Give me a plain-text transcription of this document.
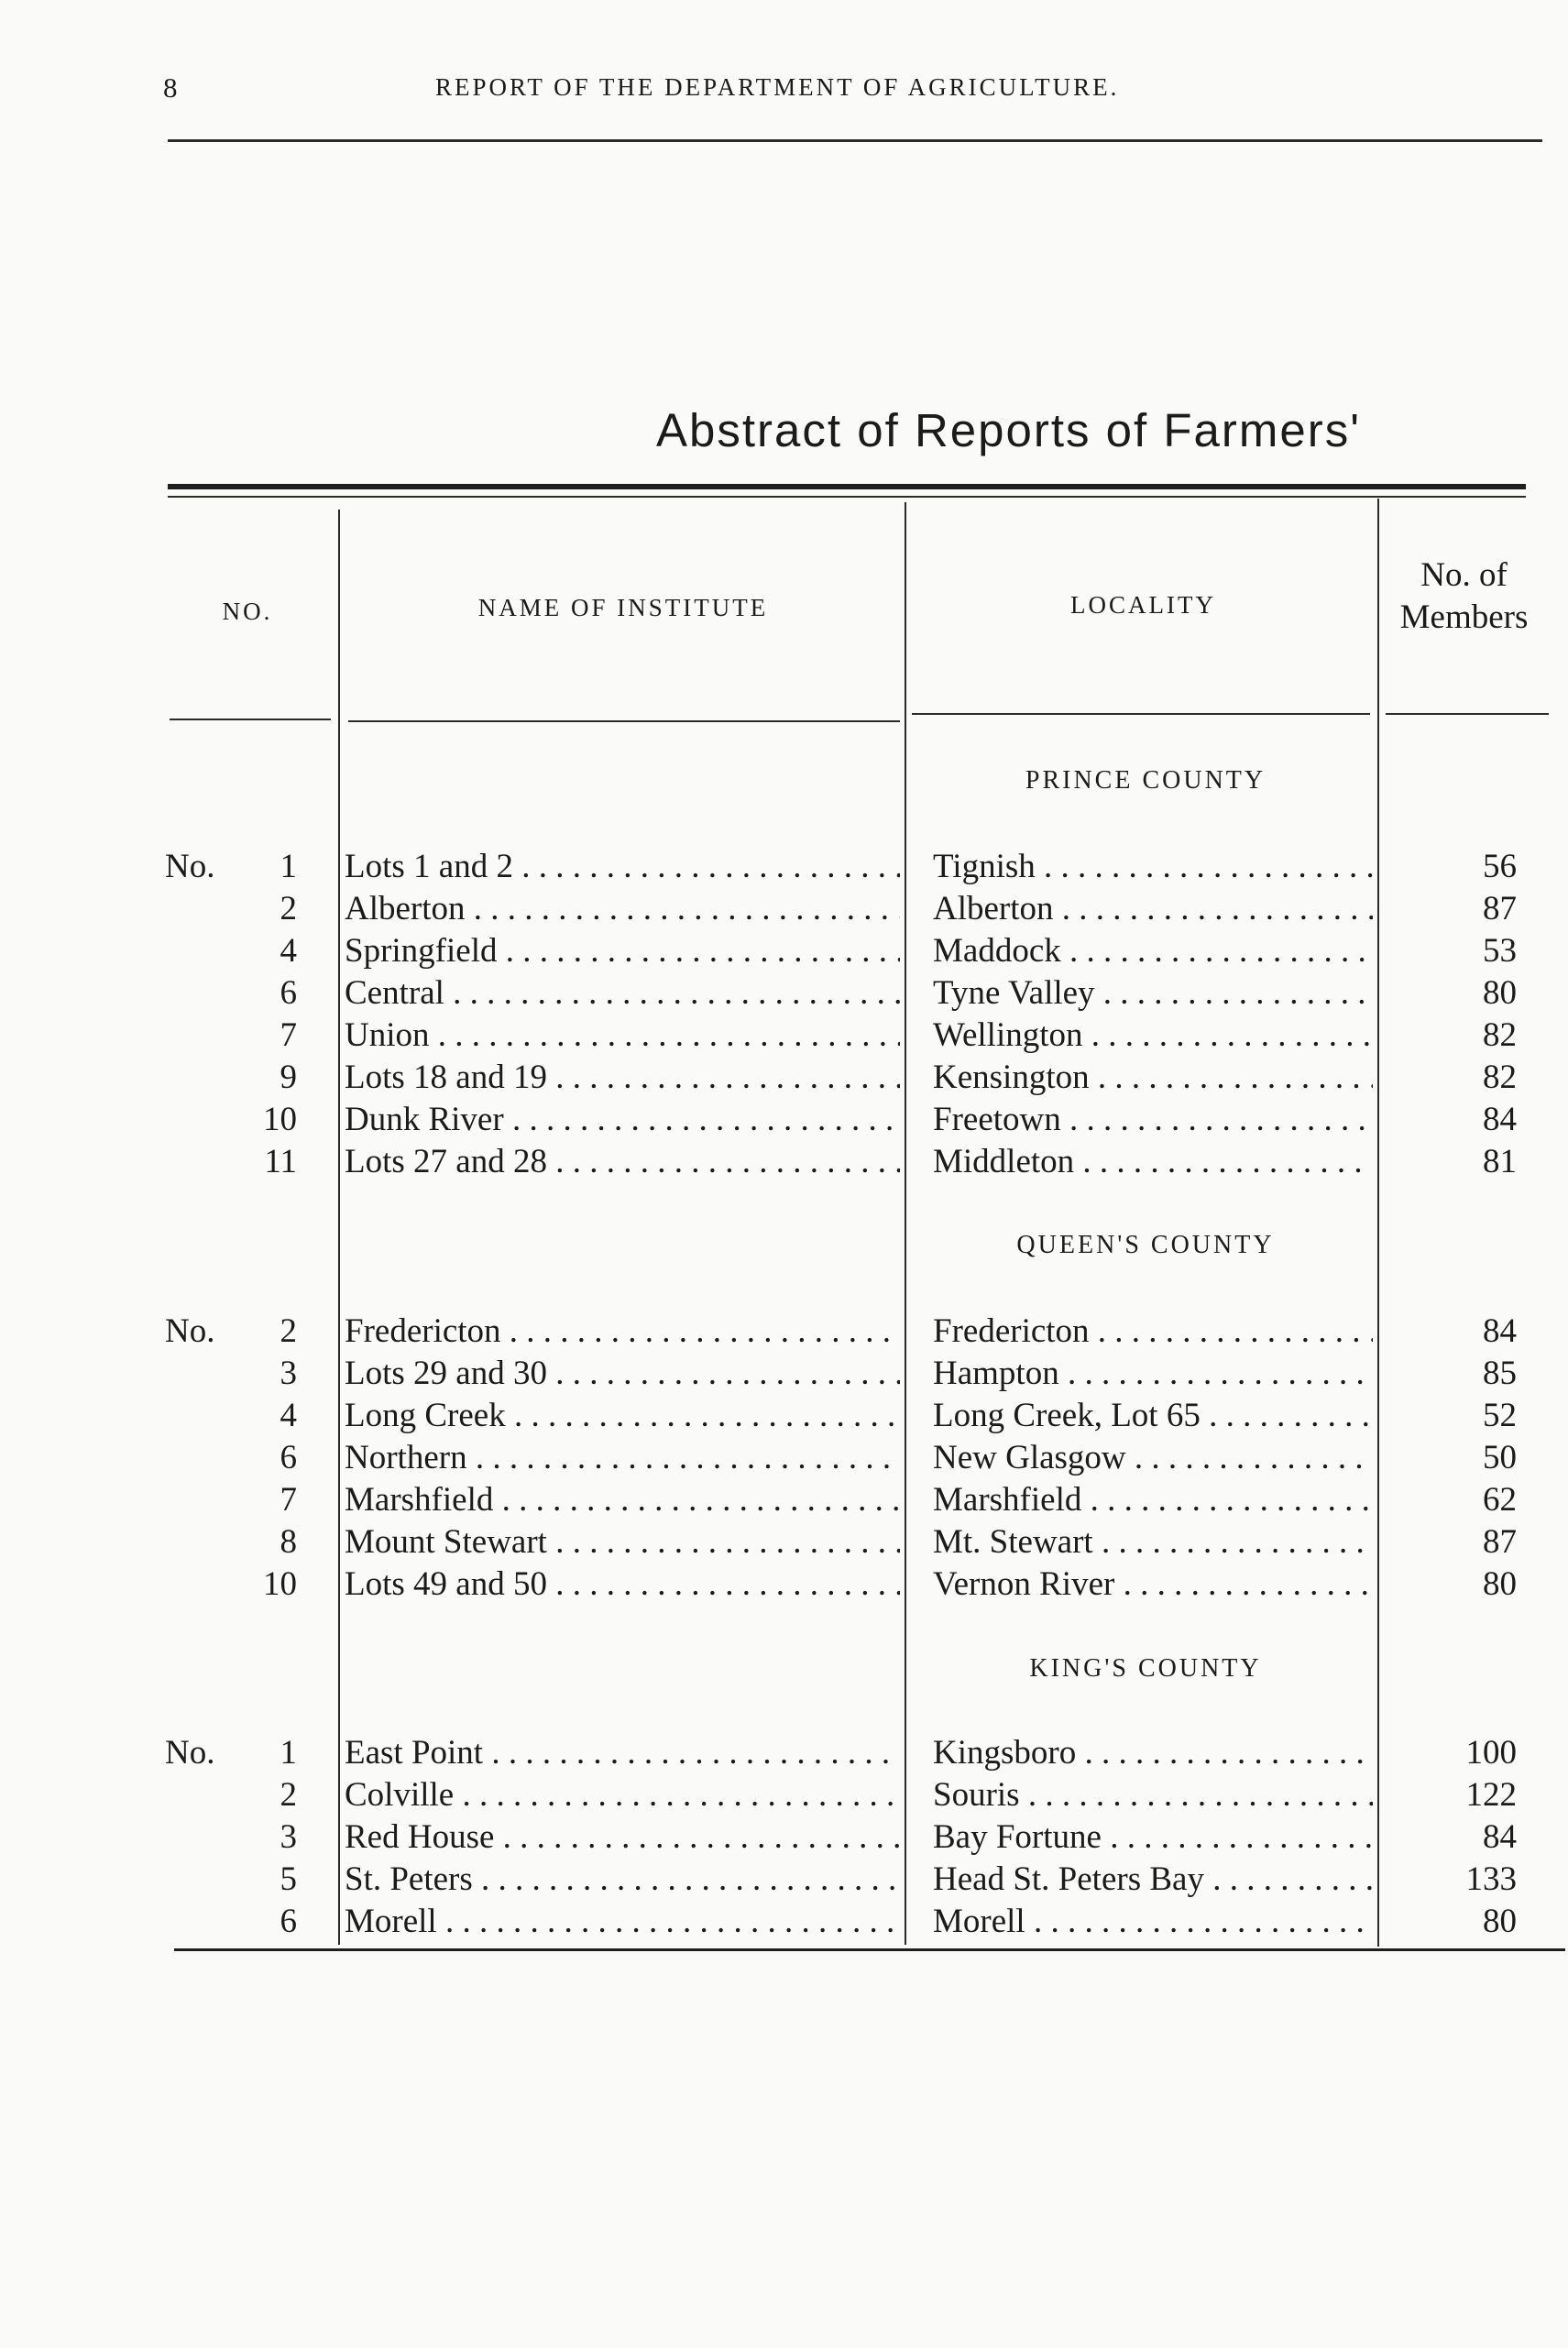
8	REPORT OF THE DEPARTMENT OF AGRICULTURE.
Abstract of Reports of Farmers'
NO.	NAME OF INSTITUTE	LOCALITY
No. of
Members
PRINCE COUNTY
No.	1 Lots 1 and 2 . . .	Tignish . . .	56
2 Alberton . . .	Alberton . . .	87
4 Springfield . . .	Maddock . . .	53
6 Central . . .	Tyne Valley . . .	80
7 Union . . .	Wellington . . .	82
9 Lots 18 and 19 . . .	Kensington . . .	82
10 Dunk River . . .	Freetown . . .	84
11 Lots 27 and 28 . . .	Middleton . . .	81
QUEEN'S COUNTY
No.	2 Fredericton . . .	Fredericton . . .	84
3 Lots 29 and 30 . . .	Hampton . . .	85
4 Long Creek . . .	Long Creek, Lot 65 . . .	52
6 Northern . . .	New Glasgow . . .	50
7 Marshfield . . .	Marshfield . . .	62
8 Mount Stewart . . .	Mt. Stewart . . .	87
10 Lots 49 and 50 . . .	Vernon River . . .	80
KING'S COUNTY
No.	1 East Point . . .	Kingsboro . . .	100
2 Colville . . .	Souris . . .	122
3 Red House . . .	Bay Fortune . . .	84
5 St. Peters . . .	Head St. Peters Bay . . .	133
6 Morell . . .	Morell . . .	80
